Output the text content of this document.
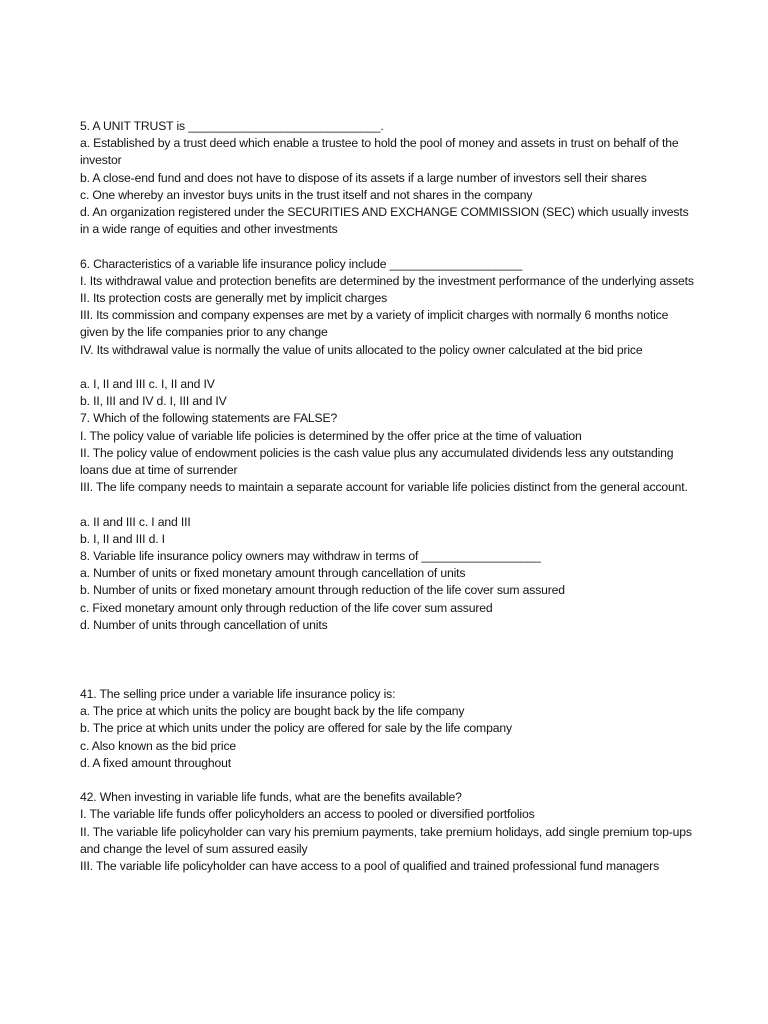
5. A UNIT TRUST is _____________________________.
a. Established by a trust deed which enable a trustee to hold the pool of money and assets in trust on behalf of the investor
b. A close-end fund and does not have to dispose of its assets if a large number of investors sell their shares
c. One whereby an investor buys units in the trust itself and not shares in the company
d. An organization registered under the SECURITIES AND EXCHANGE COMMISSION (SEC) which usually invests in a wide range of equities and other investments
6. Characteristics of a variable life insurance policy include ____________________
I. Its withdrawal value and protection benefits are determined by the investment performance of the underlying assets
II. Its protection costs are generally met by implicit charges
III. Its commission and company expenses are met by a variety of implicit charges with normally 6 months notice given by the life companies prior to any change
IV. Its withdrawal value is normally the value of units allocated to the policy owner calculated at the bid price
a. I, II and III c. I, II and IV
b. II, III and IV d. I, III and IV
7. Which of the following statements are FALSE?
I. The policy value of variable life policies is determined by the offer price at the time of valuation
II. The policy value of endowment policies is the cash value plus any accumulated dividends less any outstanding loans due at time of surrender
III. The life company needs to maintain a separate account for variable life policies distinct from the general account.
a. II and III c. I and III
b. I, II and III d. I
8. Variable life insurance policy owners may withdraw in terms of __________________
a. Number of units or fixed monetary amount through cancellation of units
b. Number of units or fixed monetary amount through reduction of the life cover sum assured
c. Fixed monetary amount only through reduction of the life cover sum assured
d. Number of units through cancellation of units
41. The selling price under a variable life insurance policy is:
a. The price at which units the policy are bought back by the life company
b. The price at which units under the policy are offered for sale by the life company
c. Also known as the bid price
d. A fixed amount throughout
42. When investing in variable life funds, what are the benefits available?
I. The variable life funds offer policyholders an access to pooled or diversified portfolios
II. The variable life policyholder can vary his premium payments, take premium holidays, add single premium top-ups and change the level of sum assured easily
III. The variable life policyholder can have access to a pool of qualified and trained professional fund managers
